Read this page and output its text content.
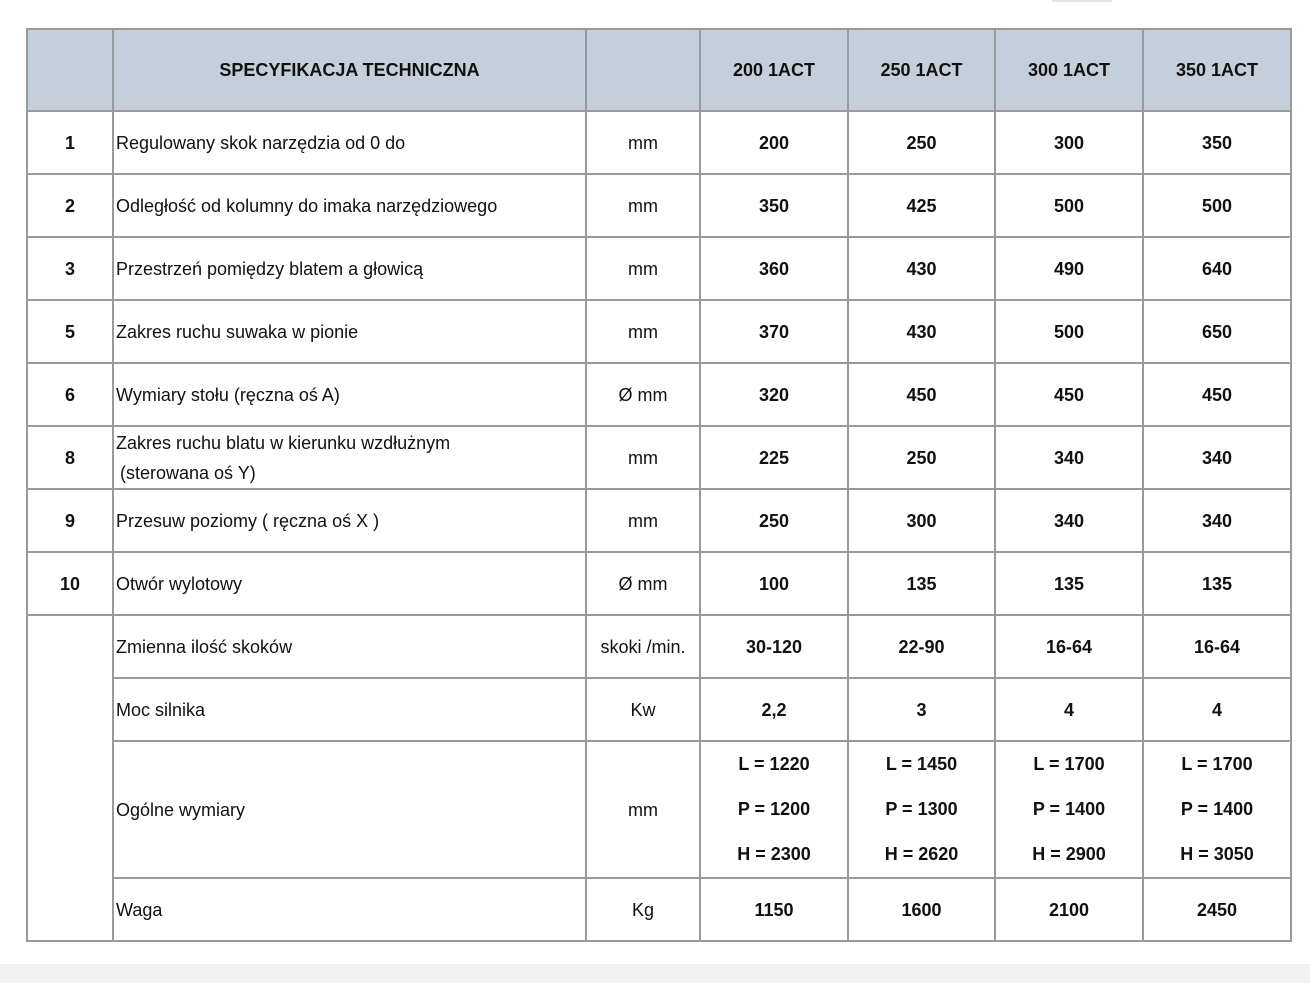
	SPECYFIKACJA TECHNICZNA		200 1ACT	250 1ACT	300 1ACT	350 1ACT
1	Regulowany skok narzędzia od 0 do	mm	200	250	300	350
2	Odległość od kolumny do imaka narzędziowego	mm	350	425	500	500
3	Przestrzeń pomiędzy blatem a głowicą	mm	360	430	490	640
5	Zakres ruchu suwaka w pionie	mm	370	430	500	650
6	Wymiary stołu (ręczna oś A)	Ø mm	320	450	450	450
8	Zakres ruchu blatu w kierunku wzdłużnym
(sterowana oś Y)	mm	225	250	340	340
9	Przesuw poziomy ( ręczna oś X )	mm	250	300	340	340
10	Otwór wylotowy	Ø mm	100	135	135	135
	Zmienna ilość skoków	skoki /min.	30-120	22-90	16-64	16-64
	Moc silnika	Kw	2,2	3	4	4
	Ogólne wymiary	mm	L = 1220
P = 1200
H = 2300	L = 1450
P = 1300
H = 2620	L = 1700
P = 1400
H = 2900	L = 1700
P = 1400
H = 3050

	Waga	Kg	1150	1600	2100	2450
